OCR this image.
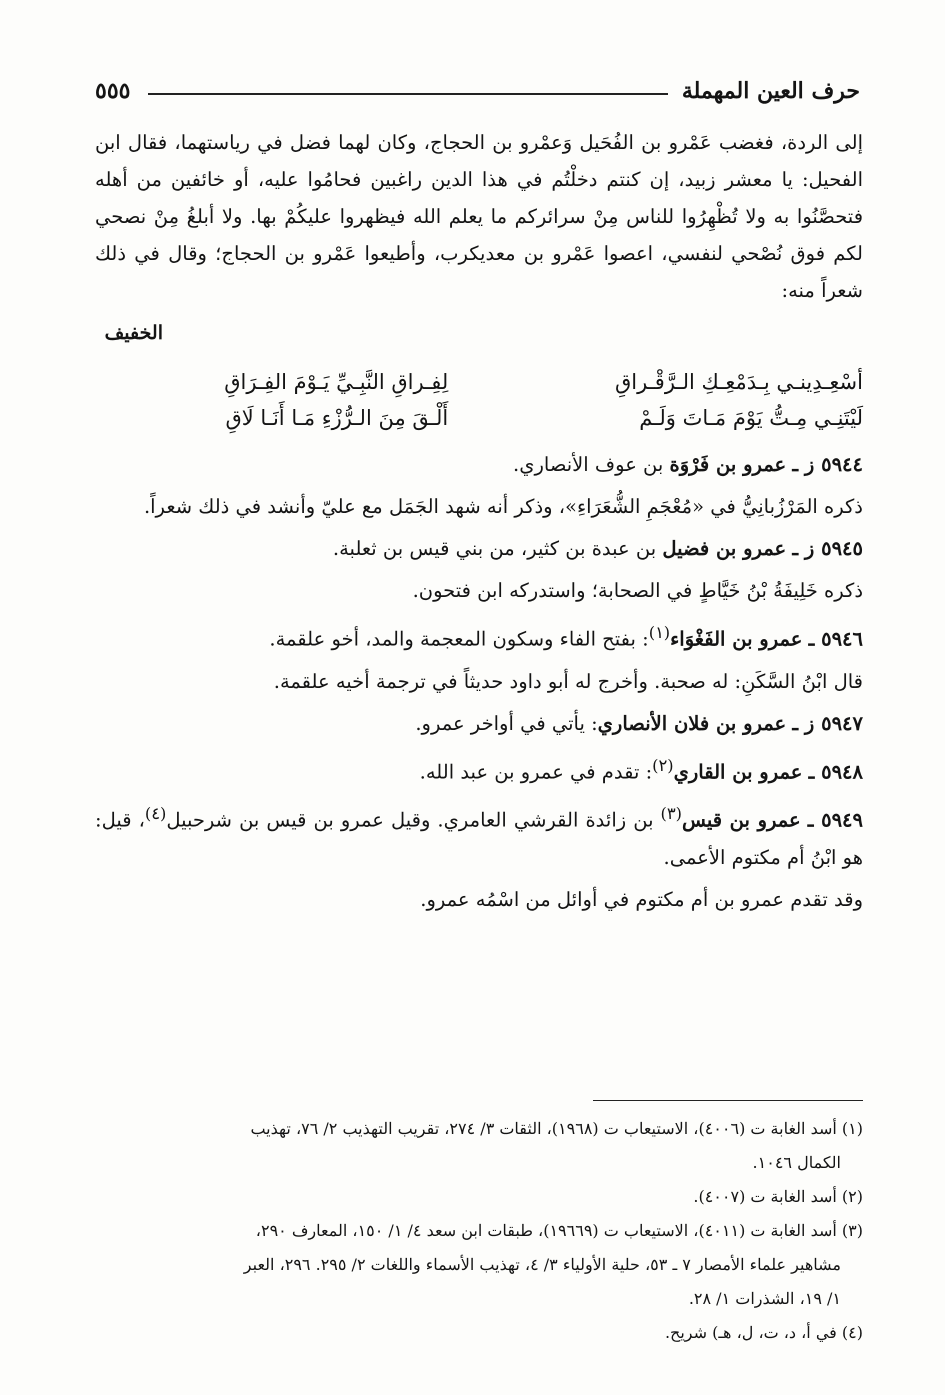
حرف العين المهملة
٥٥٥

إلى الردة، فغضب عَمْرو بن الفُحَيل وَعمْرو بن الحجاج، وكان لهما فضل في رياستهما، فقال ابن الفحيل: يا معشر زبيد، إن كنتم دخلْتُم في هذا الدين راغبين فحامُوا عليه، أو خائفين من أهله فتحصَّنُوا به ولا تُظْهِرُوا للناس مِنْ سرائركم ما يعلم الله فيظهروا عليكُمْ بها. ولا أبلغُ مِنْ نصحي لكم فوق نُصْحي لنفسي، اعصوا عَمْرو بن معديكرب، وأطيعوا عَمْرو بن الحجاج؛ وقال في ذلك شعراً منه:

الخفيف
أسْعِـدِينـي بِـدَمْعِـكِ الـرَّقْـراقِ
لِفِـراقِ النَّبِـيِّ يَـوْمَ الفِـرَاقِ
لَيْتَنِـي مِـتُّ يَوْمَ مَـاتَ وَلَـمْ
أَلْـقَ مِنَ الـرُّزْءِ مَـا أَنَـا لَاقِ

٥٩٤٤ ز ـ عمرو بن فَرْوَة بن عوف الأنصاري.

ذكره المَرْزُبانِيُّ في «مُعْجَمِ الشُّعَرَاءِ»، وذكر أنه شهد الجَمَل مع عليّ وأنشد في ذلك شعراً.

٥٩٤٥ ز ـ عمرو بن فضيل بن عبدة بن كثير، من بني قيس بن ثعلبة.

ذكره خَلِيفَةُ بْنُ خَيَّاطٍ في الصحابة؛ واستدركه ابن فتحون.

٥٩٤٦ ـ عمرو بن الفَغْوَاء$^{(١)}$: بفتح الفاء وسكون المعجمة والمد، أخو علقمة.

قال ابْنُ السَّكَنِ: له صحبة. وأخرج له أبو داود حديثاً في ترجمة أخيه علقمة.

٥٩٤٧ ز ـ عمرو بن فلان الأنصاري: يأتي في أواخر عمرو.

٥٩٤٨ ـ عمرو بن القاري$^{(٢)}$: تقدم في عمرو بن عبد الله.

٥٩٤٩ ـ عمرو بن قيس$^{(٣)}$ بن زائدة القرشي العامري. وقيل عمرو بن قيس بن شرحبيل$^{(٤)}$، قيل: هو ابْنُ أم مكتوم الأعمى.

وقد تقدم عمرو بن أم مكتوم في أوائل من اسْمُه عمرو.

(١) أسد الغابة ت (٤٠٠٦)، الاستيعاب ت (١٩٦٨)، الثقات ٣/ ٢٧٤، تقريب التهذيب ٢/ ٧٦، تهذيب

الكمال ١٠٤٦.

(٢) أسد الغابة ت (٤٠٠٧).

(٣) أسد الغابة ت (٤٠١١)، الاستيعاب ت (١٩٦٦٩)، طبقات ابن سعد ٤/ ١/ ١٥٠، المعارف ٢٩٠،

مشاهير علماء الأمصار ٧ ـ ٥٣، حلية الأولياء ٣/ ٤، تهذيب الأسماء واللغات ٢/ ٢٩٥. ٢٩٦، العبر

١/ ١٩، الشذرات ١/ ٢٨.

(٤) في أ، د، ت، ل، هـ) شريح.
